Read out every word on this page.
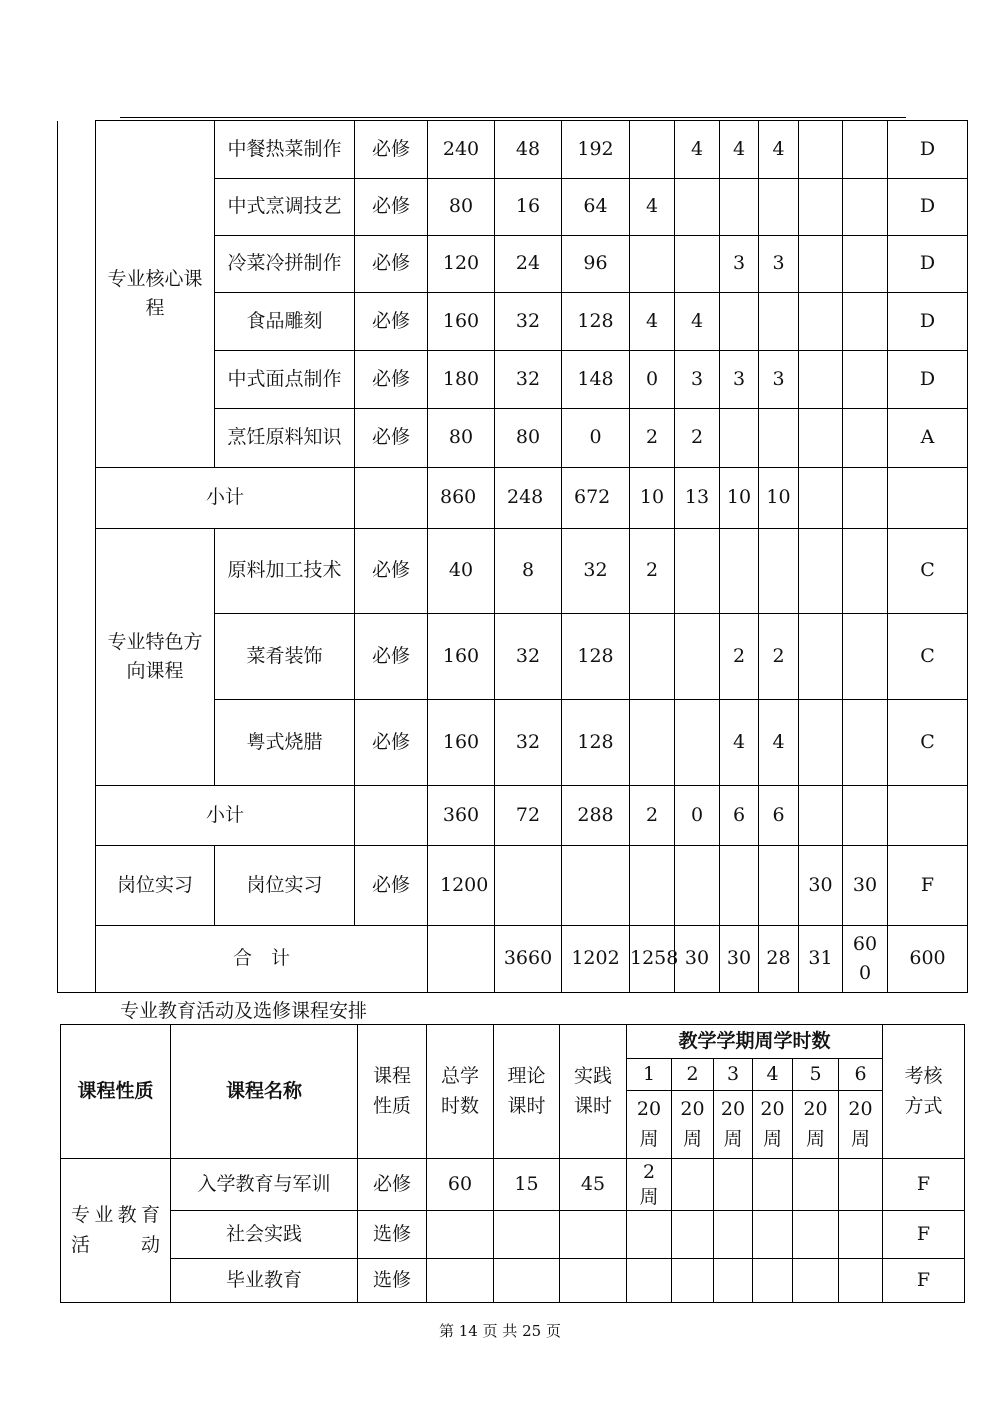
	专业核心课程	中餐热菜制作	必修	240	48	192		4	4	4			D	
		中式烹调技艺	必修	80	16	64	4						D	
		冷菜冷拼制作	必修	120	24	96			3	3			D	
		食品雕刻	必修	160	32	128	4	4					D	
		中式面点制作	必修	180	32	148	0	3	3	3			D	
		烹饪原料知识	必修	80	80	0	2	2					A	
	小计			860	248	672	10	13	10	10				
	专业特色方向课程	原料加工技术	必修	40	8	32	2						C	
		菜肴装饰	必修	160	32	128			2	2			C	
		粤式烧腊	必修	160	32	128			4	4			C	
	小计			360	72	288	2	0	6	6				
	岗位实习	岗位实习	必修	1200							30	30	F	
	合　计				3660	1202	1258	30	30	28	31	600	600	
专业教育活动及选修课程安排
课程性质	课程名称	课程性质	总学时数	理论课时	实践课时	教学学期周学时数						考核方式
						1	2	3	4	5	6	
						20周	20周	20周	20周	20周	20周	
专业教育活动	入学教育与军训	必修	60	15	45	2周						F
	社会实践	选修										F
	毕业教育	选修										F
第 14 页 共 25 页
